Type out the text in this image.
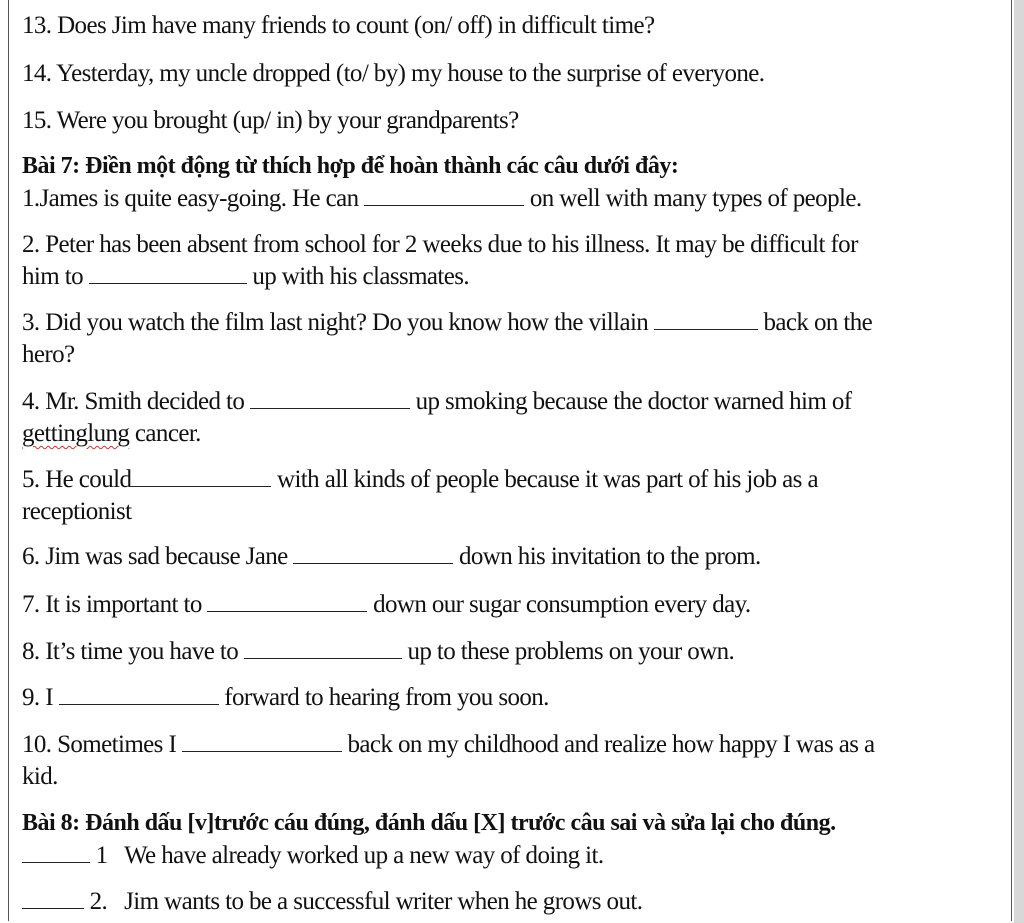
13. Does Jim have many friends to count (on/ off) in difficult time?

14. Yesterday, my uncle dropped (to/ by) my house to the surprise of everyone.

15. Were you brought (up/ in) by your grandparents?

Bài 7: Điền một động từ thích hợp để hoàn thành các câu dưới đây:

1.James is quite easy-going. He can	on well with many types of people.

2. Peter has been absent from school for 2 weeks due to his illness. It may be difficult for

him to	up with his classmates.

3. Did you watch the film last night? Do you know how the villain	back on the

hero?

4. Mr. Smith decided to	up smoking because the doctor warned him of

gettinglung cancer.

5. He could	with all kinds of people because it was part of his job as a

receptionist

6. Jim was sad because Jane	down his invitation to the prom.

7. It is important to	down our sugar consumption every day.

8. It’s time you have to	up to these problems on your own.

9. I	forward to hearing from you soon.

10. Sometimes I	back on my childhood and realize how happy I was as a

kid.

Bài 8: Đánh dấu [v]trước cáu đúng, đánh dấu [X] trước câu sai và sửa lại cho đúng.

1 We have already worked up a new way of doing it.

2. Jim wants to be a successful writer when he grows out.
